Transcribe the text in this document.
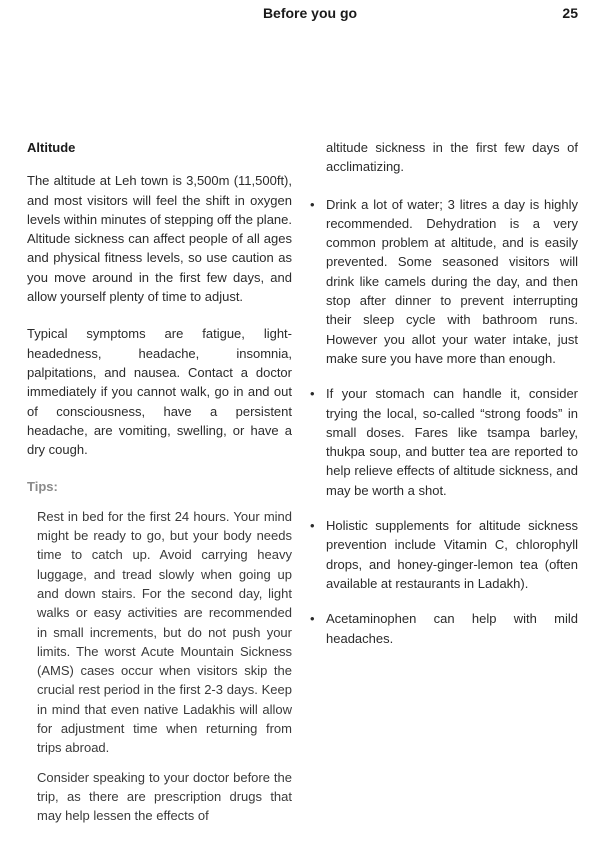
Before you go	25
Altitude

The altitude at Leh town is 3,500m (11,500ft), and most visitors will feel the shift in oxygen levels within minutes of stepping off the plane. Altitude sickness can affect people of all ages and physical fitness levels, so use caution as you move around in the first few days, and allow yourself plenty of time to adjust.

Typical symptoms are fatigue, light-headedness, headache, insomnia, palpitations, and nausea. Contact a doctor immediately if you cannot walk, go in and out of consciousness, have a persistent headache, are vomiting, swelling, or have a dry cough.

Tips:

Rest in bed for the first 24 hours. Your mind might be ready to go, but your body needs time to catch up. Avoid carrying heavy luggage, and tread slowly when going up and down stairs. For the second day, light walks or easy activities are recommended in small increments, but do not push your limits. The worst Acute Mountain Sickness (AMS) cases occur when visitors skip the crucial rest period in the first 2-3 days. Keep in mind that even native Ladakhis will allow for adjustment time when returning from trips abroad.

Consider speaking to your doctor before the trip, as there are prescription drugs that may help lessen the effects of

altitude sickness in the first few days of acclimatizing.

• Drink a lot of water; 3 litres a day is highly recommended. Dehydration is a very common problem at altitude, and is easily prevented. Some seasoned visitors will drink like camels during the day, and then stop after dinner to prevent interrupting their sleep cycle with bathroom runs. However you allot your water intake, just make sure you have more than enough.
• If your stomach can handle it, consider trying the local, so-called “strong foods” in small doses. Fares like tsampa barley, thukpa soup, and butter tea are reported to help relieve effects of altitude sickness, and may be worth a shot.
• Holistic supplements for altitude sickness prevention include Vitamin C, chlorophyll drops, and honey-ginger-lemon tea (often available at restaurants in Ladakh).
• Acetaminophen can help with mild headaches.
